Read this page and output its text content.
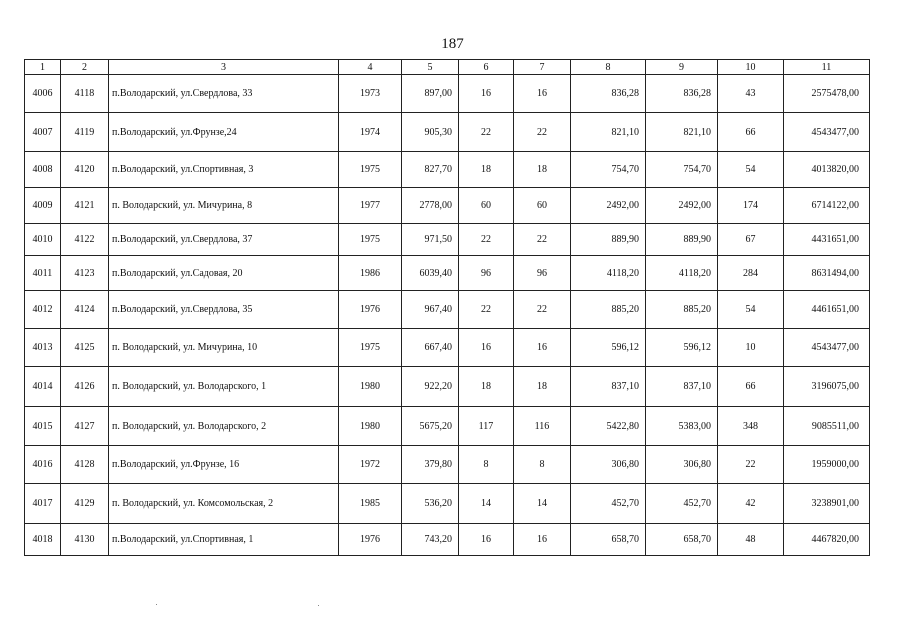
187
1	2	3	4	5	6	7	8	9	10	11
4006	4118	п.Володарский, ул.Свердлова, 33	1973	897,00	16	16	836,28	836,28	43	2575478,00
4007	4119	п.Володарский, ул.Фрунзе,24	1974	905,30	22	22	821,10	821,10	66	4543477,00
4008	4120	п.Володарский, ул.Спортивная, 3	1975	827,70	18	18	754,70	754,70	54	4013820,00
4009	4121	п. Володарский, ул. Мичурина, 8	1977	2778,00	60	60	2492,00	2492,00	174	6714122,00
4010	4122	п.Володарский, ул.Свердлова, 37	1975	971,50	22	22	889,90	889,90	67	4431651,00
4011	4123	п.Володарский, ул.Садовая, 20	1986	6039,40	96	96	4118,20	4118,20	284	8631494,00
4012	4124	п.Володарский, ул.Свердлова, 35	1976	967,40	22	22	885,20	885,20	54	4461651,00
4013	4125	п. Володарский, ул. Мичурина, 10	1975	667,40	16	16	596,12	596,12	10	4543477,00
4014	4126	п. Володарский, ул. Володарского, 1	1980	922,20	18	18	837,10	837,10	66	3196075,00
4015	4127	п. Володарский, ул. Володарского, 2	1980	5675,20	117	116	5422,80	5383,00	348	9085511,00
4016	4128	п.Володарский, ул.Фрунзе, 16	1972	379,80	8	8	306,80	306,80	22	1959000,00
4017	4129	п. Володарский, ул. Комсомольская, 2	1985	536,20	14	14	452,70	452,70	42	3238901,00
4018	4130	п.Володарский, ул.Спортивная, 1	1976	743,20	16	16	658,70	658,70	48	4467820,00
